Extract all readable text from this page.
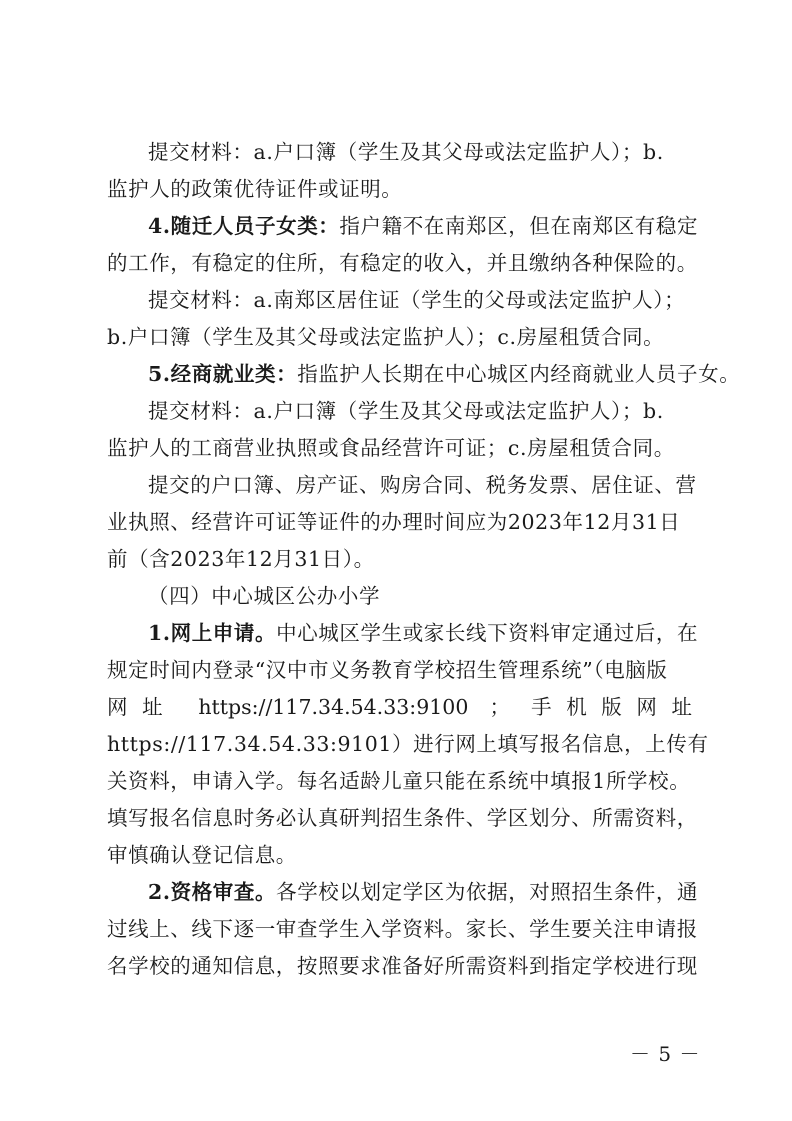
提交材料：a.户口簿（学生及其父母或法定监护人）；b.
监护人的政策优待证件或证明。
4.随迁人员子女类：指户籍不在南郑区，但在南郑区有稳定
的工作，有稳定的住所，有稳定的收入，并且缴纳各种保险的。
提交材料：a.南郑区居住证（学生的父母或法定监护人）；
b.户口簿（学生及其父母或法定监护人）；c.房屋租赁合同。
5.经商就业类：指监护人长期在中心城区内经商就业人员子女。
提交材料：a.户口簿（学生及其父母或法定监护人）；b.
监护人的工商营业执照或食品经营许可证；c.房屋租赁合同。
提交的户口簿、房产证、购房合同、税务发票、居住证、营
业执照、经营许可证等证件的办理时间应为2023年12月31日
前（含2023年12月31日）。
（四）中心城区公办小学
1.网上申请。中心城区学生或家长线下资料审定通过后，在
规定时间内登录“汉中市义务教育学校招生管理系统”（电脑版
网址 https://117.34.54.33:9100 ； 手机版网址
https://117.34.54.33:9101）进行网上填写报名信息，上传有
关资料，申请入学。每名适龄儿童只能在系统中填报1所学校。
填写报名信息时务必认真研判招生条件、学区划分、所需资料，
审慎确认登记信息。
2.资格审查。各学校以划定学区为依据，对照招生条件，通
过线上、线下逐一审查学生入学资料。家长、学生要关注申请报
名学校的通知信息，按照要求准备好所需资料到指定学校进行现
－ 5 －
